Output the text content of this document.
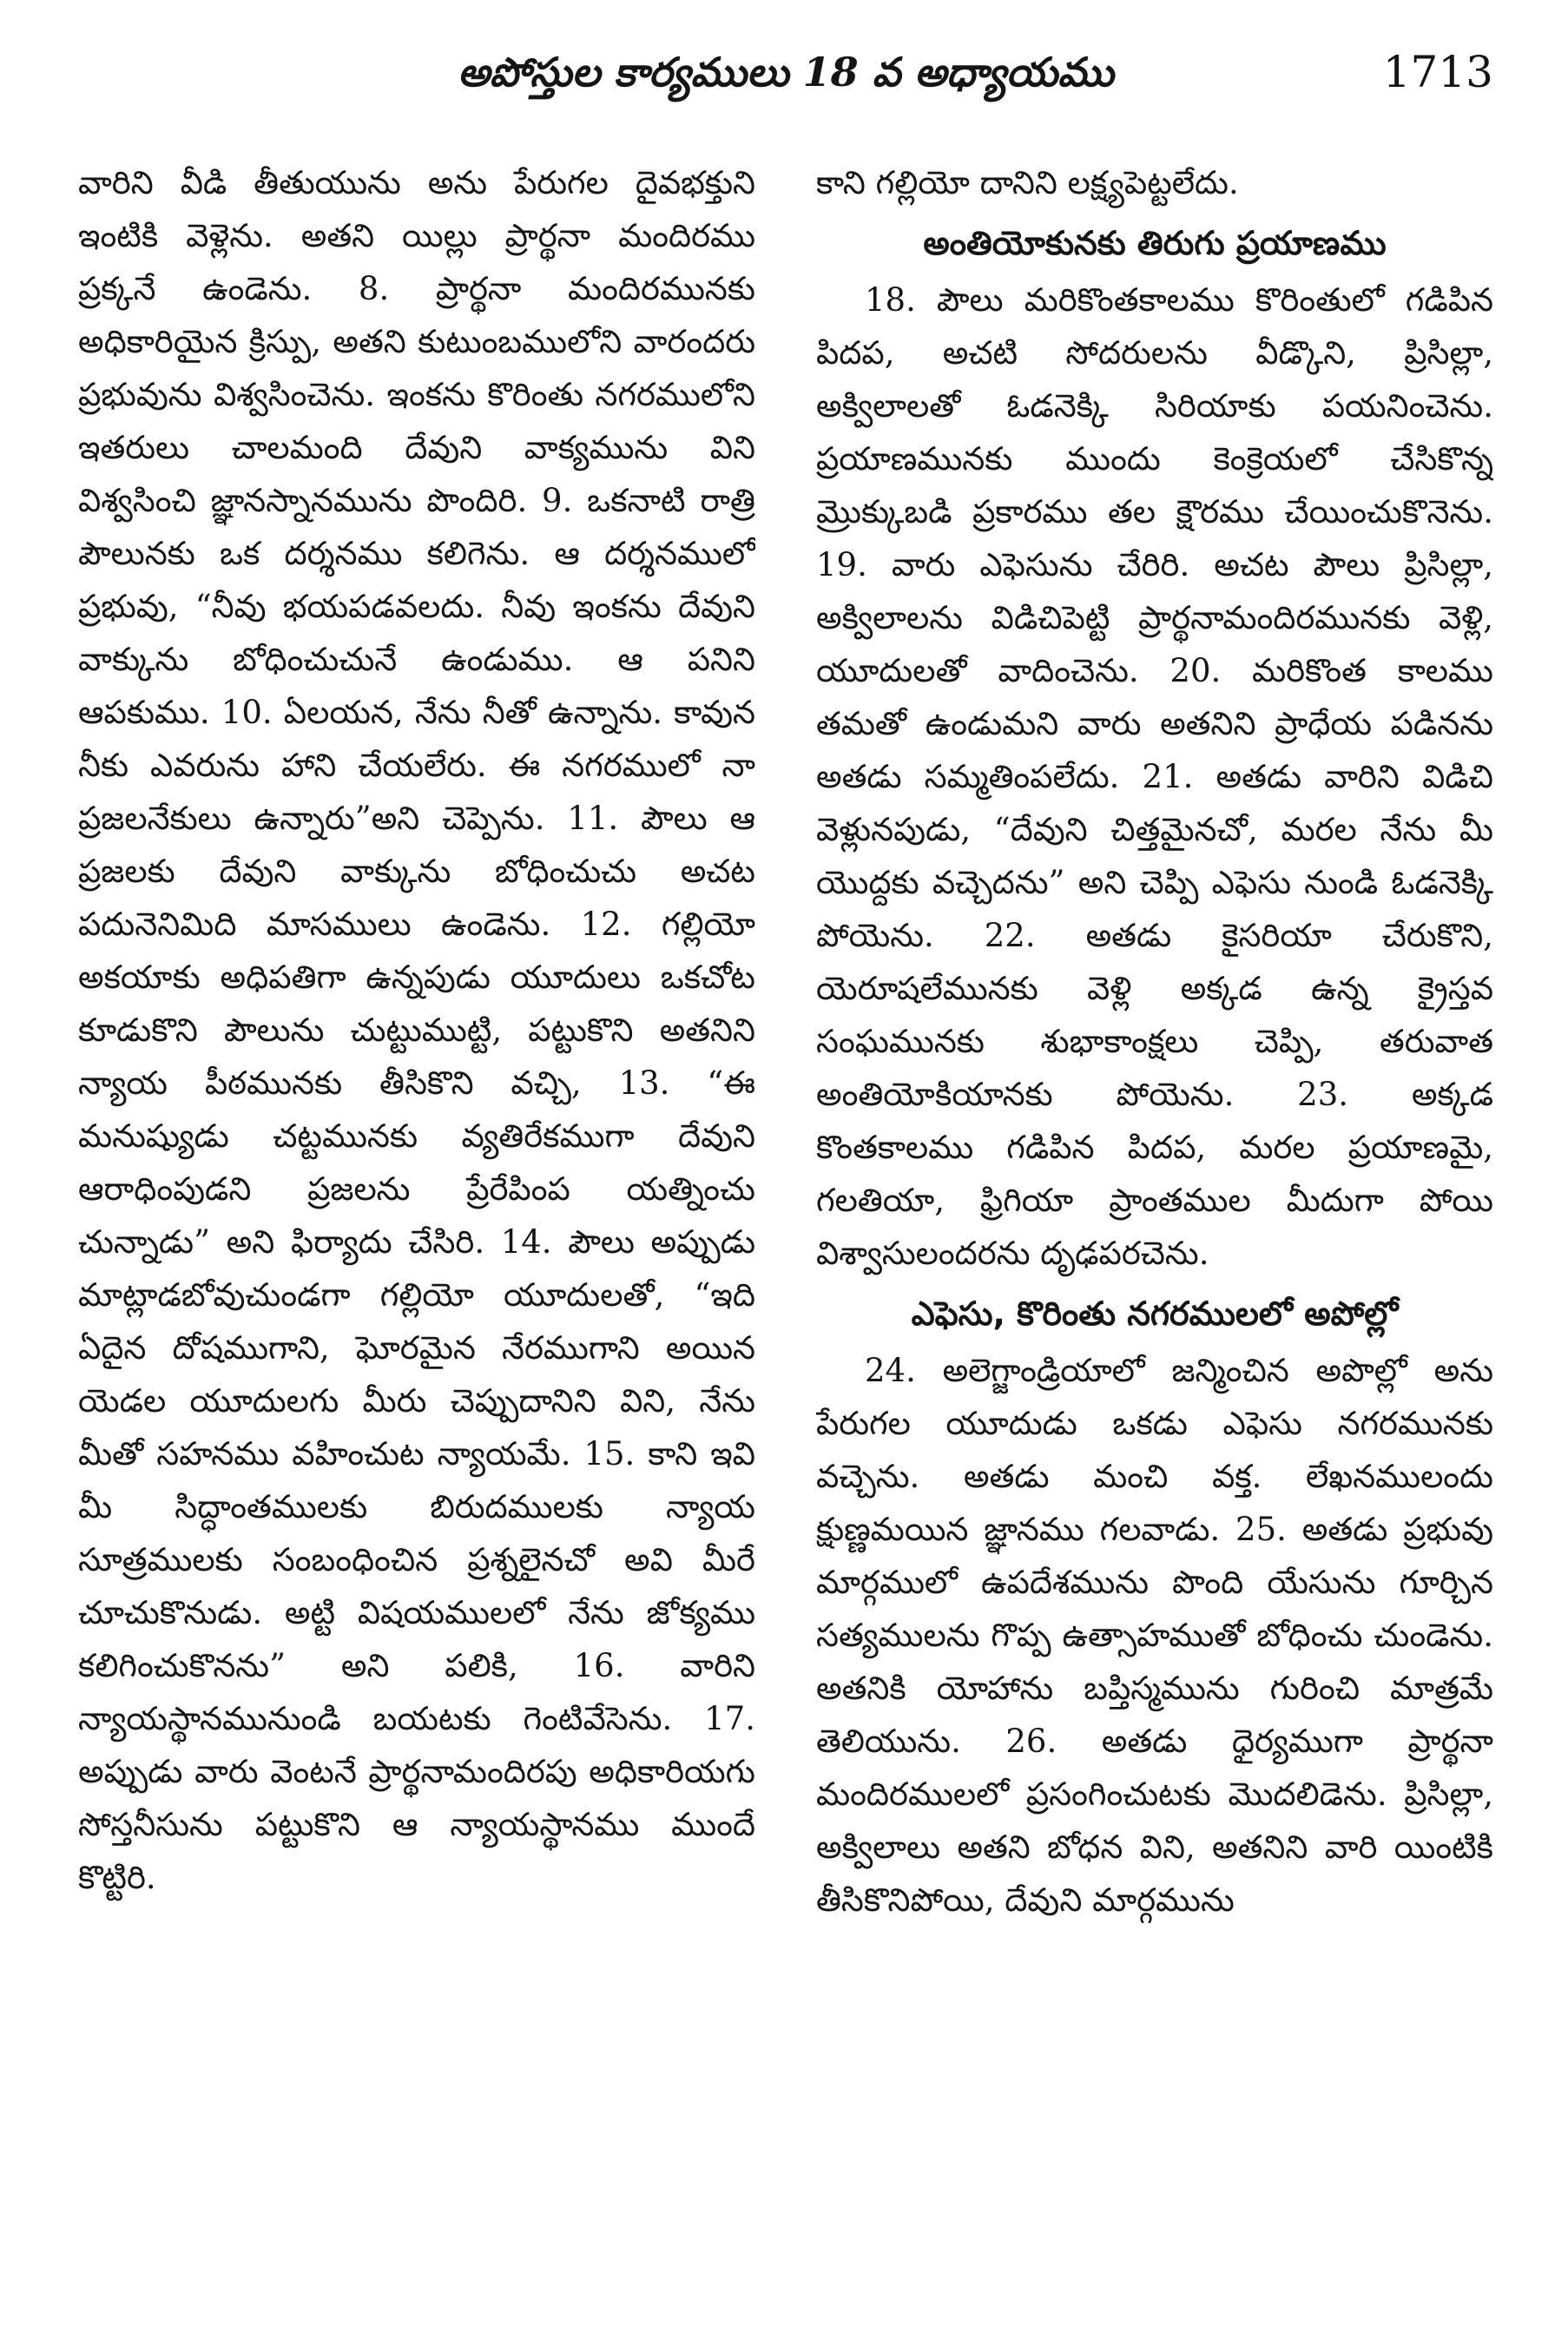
అపోస్తుల కార్యములు 18 వ అధ్యాయము	1713

వారిని వీడి తీతుయును అను పేరుగల దైవభక్తుని ఇంటికి వెళ్లెను. అతని యిల్లు ప్రార్థనా మందిరము ప్రక్కనే ఉండెను. 8. ప్రార్థనా మందిరమునకు అధికారియైన క్రిస్పు, అతని కుటుంబములోని వారందరు ప్రభువును విశ్వసించెను. ఇంకను కొరింతు నగరములోని ఇతరులు చాలమంది దేవుని వాక్యమును విని విశ్వసించి జ్ఞానస్నానమును పొందిరి. 9. ఒకనాటి రాత్రి పౌలునకు ఒక దర్శనము కలిగెను. ఆ దర్శనములో ప్రభువు, “నీవు భయపడవలదు. నీవు ఇంకను దేవుని వాక్కును బోధించుచునే ఉండుము. ఆ పనిని ఆపకుము. 10. ఏలయన, నేను నీతో ఉన్నాను. కావున నీకు ఎవరును హాని చేయలేరు. ఈ నగరములో నా ప్రజలనేకులు ఉన్నారు”అని చెప్పెను. 11. పౌలు ఆ ప్రజలకు దేవుని వాక్కును బోధించుచు అచట పదునెనిమిది మాసములు ఉండెను. 12. గల్లియో అకయాకు అధిపతిగా ఉన్నపుడు యూదులు ఒకచోట కూడుకొని పౌలును చుట్టుముట్టి, పట్టుకొని అతనిని న్యాయ పీఠమునకు తీసికొని వచ్చి, 13. “ఈ మనుష్యుడు చట్టమునకు వ్యతిరేకముగా దేవుని ఆరాధింపుడని ప్రజలను ప్రేరేపింప యత్నించు చున్నాడు” అని ఫిర్యాదు చేసిరి. 14. పౌలు అప్పుడు మాట్లాడబోవుచుండగా గల్లియో యూదులతో, “ఇది ఏదైన దోషముగాని, ఘోరమైన నేరముగాని అయిన యెడల యూదులగు మీరు చెప్పుదానిని విని, నేను మీతో సహనము వహించుట న్యాయమే. 15. కాని ఇవి మీ సిద్ధాంతములకు బిరుదములకు న్యాయ సూత్రములకు సంబంధించిన ప్రశ్నలైనచో అవి మీరే చూచుకొనుడు. అట్టి విషయములలో నేను జోక్యము కలిగించుకొనను” అని పలికి, 16. వారిని న్యాయస్థానమునుండి బయటకు గెంటివేసెను. 17. అప్పుడు వారు వెంటనే ప్రార్థనామందిరపు అధికారియగు సోస్తనీసును పట్టుకొని ఆ న్యాయస్థానము ముందే కొట్టిరి.

కాని గల్లియో దానిని లక్ష్యపెట్టలేదు.

అంతియోకునకు తిరుగు ప్రయాణము

18. పౌలు మరికొంతకాలము కొరింతులో గడిపిన పిదప, అచటి సోదరులను వీడ్కొని, ప్రిసిల్లా, అక్విలాలతో ఓడనెక్కి సిరియాకు పయనించెను. ప్రయాణమునకు ముందు కెంక్రెయలో చేసికొన్న మ్రొక్కుబడి ప్రకారము తల క్షౌరము చేయించుకొనెను. 19. వారు ఎఫెసును చేరిరి. అచట పౌలు ప్రిసిల్లా, అక్విలాలను విడిచిపెట్టి ప్రార్థనామందిరమునకు వెళ్లి, యూదులతో వాదించెను. 20. మరికొంత కాలము తమతో ఉండుమని వారు అతనిని ప్రాధేయ పడినను అతడు సమ్మతింపలేదు. 21. అతడు వారిని విడిచి వెళ్లునపుడు, “దేవుని చిత్తమైనచో, మరల నేను మీ యొద్దకు వచ్చెదను” అని చెప్పి ఎఫెసు నుండి ఓడనెక్కి పోయెను. 22. అతడు కైసరియా చేరుకొని, యెరూషలేమునకు వెళ్లి అక్కడ ఉన్న క్రైస్తవ సంఘమునకు శుభాకాంక్షలు చెప్పి, తరువాత అంతియోకియానకు పోయెను. 23. అక్కడ కొంతకాలము గడిపిన పిదప, మరల ప్రయాణమై, గలతియా, ఫ్రిగియా ప్రాంతముల మీదుగా పోయి విశ్వాసులందరను దృఢపరచెను.

ఎఫెసు, కొరింతు నగరములలో అపోల్లో

24. అలెగ్జాండ్రియాలో జన్మించిన అపొల్లో అను పేరుగల యూదుడు ఒకడు ఎఫెసు నగరమునకు వచ్చెను. అతడు మంచి వక్త. లేఖనములందు క్షుణ్ణమయిన జ్ఞానము గలవాడు. 25. అతడు ప్రభువు మార్గములో ఉపదేశమును పొంది యేసును గూర్చిన సత్యములను గొప్ప ఉత్సాహముతో బోధించు చుండెను. అతనికి యోహాను బప్తిస్మమును గురించి మాత్రమే తెలియును. 26. అతడు ధైర్యముగా ప్రార్థనా మందిరములలో ప్రసంగించుటకు మొదలిడెను. ప్రిసిల్లా, అక్విలాలు అతని బోధన విని, అతనిని వారి యింటికి తీసికొనిపోయి, దేవుని మార్గమును
